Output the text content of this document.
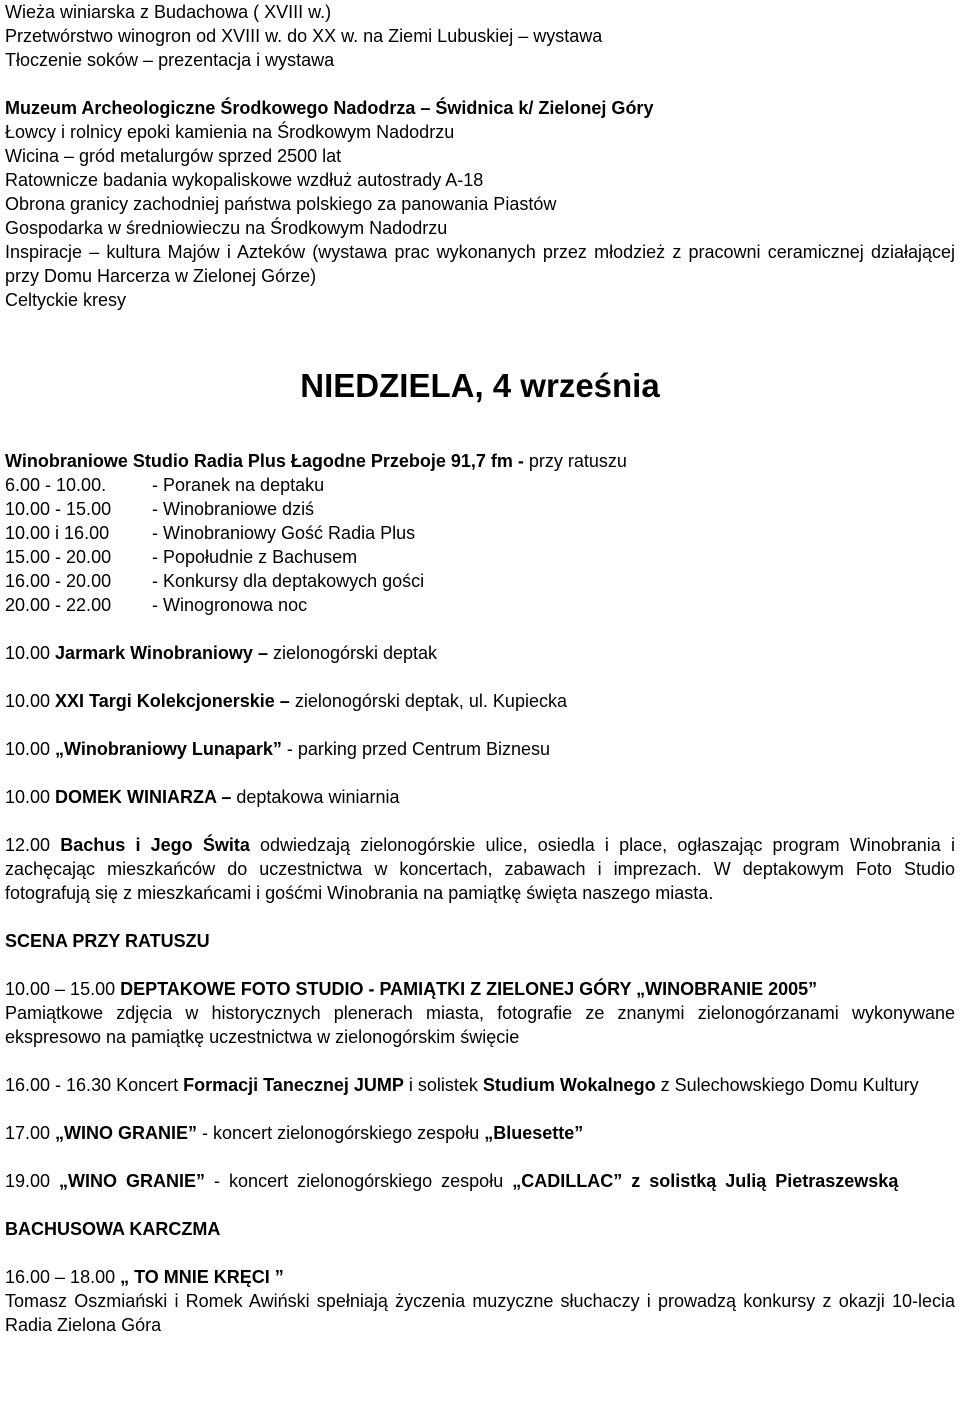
Wieża winiarska z Budachowa ( XVIII w.)

Przetwórstwo winogron od XVIII w. do XX w. na Ziemi Lubuskiej – wystawa

Tłoczenie soków – prezentacja i wystawa

Muzeum Archeologiczne Środkowego Nadodrza – Świdnica k/ Zielonej Góry

Łowcy i rolnicy epoki kamienia na Środkowym Nadodrzu

Wicina – gród metalurgów sprzed 2500 lat

Ratownicze badania wykopaliskowe wzdłuż autostrady A-18

Obrona granicy zachodniej państwa polskiego za panowania Piastów

Gospodarka w średniowieczu na Środkowym Nadodrzu

Inspiracje – kultura Majów i Azteków (wystawa prac wykonanych przez młodzież z pracowni ceramicznej działającej przy Domu Harcerza w Zielonej Górze)

Celtyckie kresy

NIEDZIELA, 4 września

Winobraniowe Studio Radia Plus Łagodne Przeboje 91,7 fm - przy ratuszu

6.00 - 10.00.	- Poranek na deptaku
10.00 - 15.00	- Winobraniowe dziś
10.00 i 16.00	- Winobraniowy Gość Radia Plus
15.00 - 20.00	- Popołudnie z Bachusem
16.00 - 20.00	- Konkursy dla deptakowych gości
20.00 - 22.00	- Winogronowa noc

10.00 Jarmark Winobraniowy – zielonogórski deptak

10.00 XXI Targi Kolekcjonerskie – zielonogórski deptak, ul. Kupiecka

10.00 „Winobraniowy Lunapark” - parking przed Centrum Biznesu

10.00 DOMEK WINIARZA – deptakowa winiarnia

12.00 Bachus i Jego Świta odwiedzają zielonogórskie ulice, osiedla i place, ogłaszając program Winobrania i zachęcając mieszkańców do uczestnictwa w koncertach, zabawach i imprezach. W deptakowym Foto Studio fotografują się z mieszkańcami i gośćmi Winobrania na pamiątkę święta naszego miasta.

SCENA PRZY RATUSZU

10.00 – 15.00 DEPTAKOWE FOTO STUDIO - PAMIĄTKI Z ZIELONEJ GÓRY „WINOBRANIE 2005”

Pamiątkowe zdjęcia w historycznych plenerach miasta, fotografie ze znanymi zielonogórzanami wykonywane ekspresowo na pamiątkę uczestnictwa w zielonogórskim święcie

16.00 - 16.30 Koncert Formacji Tanecznej JUMP i solistek Studium Wokalnego z Sulechowskiego Domu Kultury

17.00 „WINO GRANIE” - koncert zielonogórskiego zespołu „Bluesette”

19.00 „WINO GRANIE” - koncert zielonogórskiego zespołu „CADILLAC” z solistką Julią Pietraszewską

BACHUSOWA KARCZMA

16.00 – 18.00 „ TO MNIE KRĘCI ”

Tomasz Oszmiański i Romek Awiński spełniają życzenia muzyczne słuchaczy i prowadzą konkursy z okazji 10-lecia Radia Zielona Góra
